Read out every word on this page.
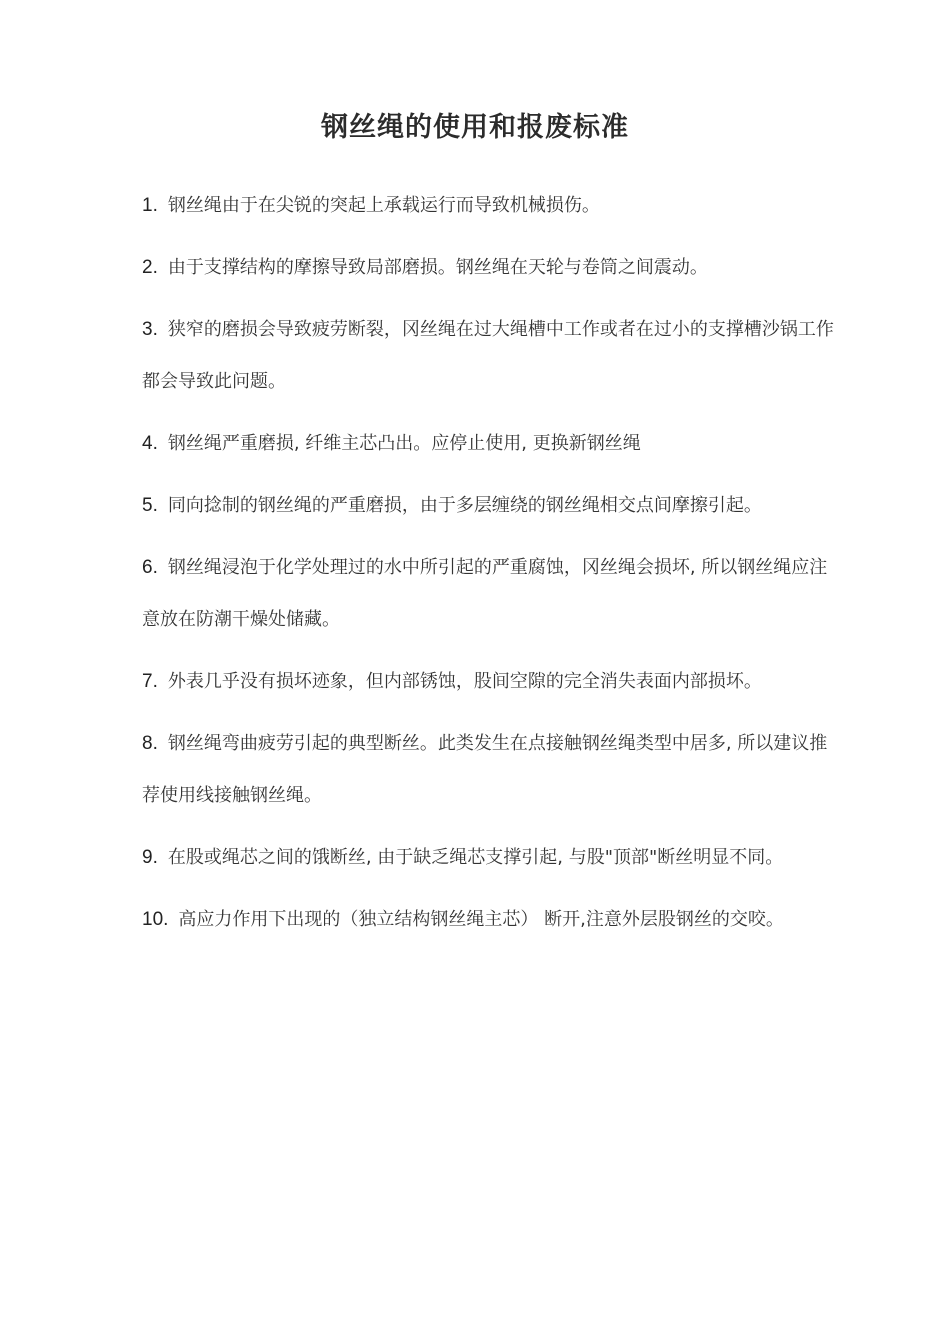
钢丝绳的使用和报废标准
1. 钢丝绳由于在尖锐的突起上承载运行而导致机械损伤。
2. 由于支撑结构的摩擦导致局部磨损。钢丝绳在天轮与卷筒之间震动。
3. 狭窄的磨损会导致疲劳断裂，冈丝绳在过大绳槽中工作或者在过小的支撑槽沙锅工作都会导致此问题。
4. 钢丝绳严重磨损, 纤维主芯凸出。应停止使用, 更换新钢丝绳
5. 同向捻制的钢丝绳的严重磨损，由于多层缠绕的钢丝绳相交点间摩擦引起。
6. 钢丝绳浸泡于化学处理过的水中所引起的严重腐蚀，冈丝绳会损坏, 所以钢丝绳应注意放在防潮干燥处储藏。
7. 外表几乎没有损坏迹象，但内部锈蚀，股间空隙的完全消失表面内部损坏。
8. 钢丝绳弯曲疲劳引起的典型断丝。此类发生在点接触钢丝绳类型中居多, 所以建议推荐使用线接触钢丝绳。
9. 在股或绳芯之间的饿断丝, 由于缺乏绳芯支撑引起, 与股"顶部"断丝明显不同。
10. 高应力作用下出现的（独立结构钢丝绳主芯） 断开,注意外层股钢丝的交咬。
